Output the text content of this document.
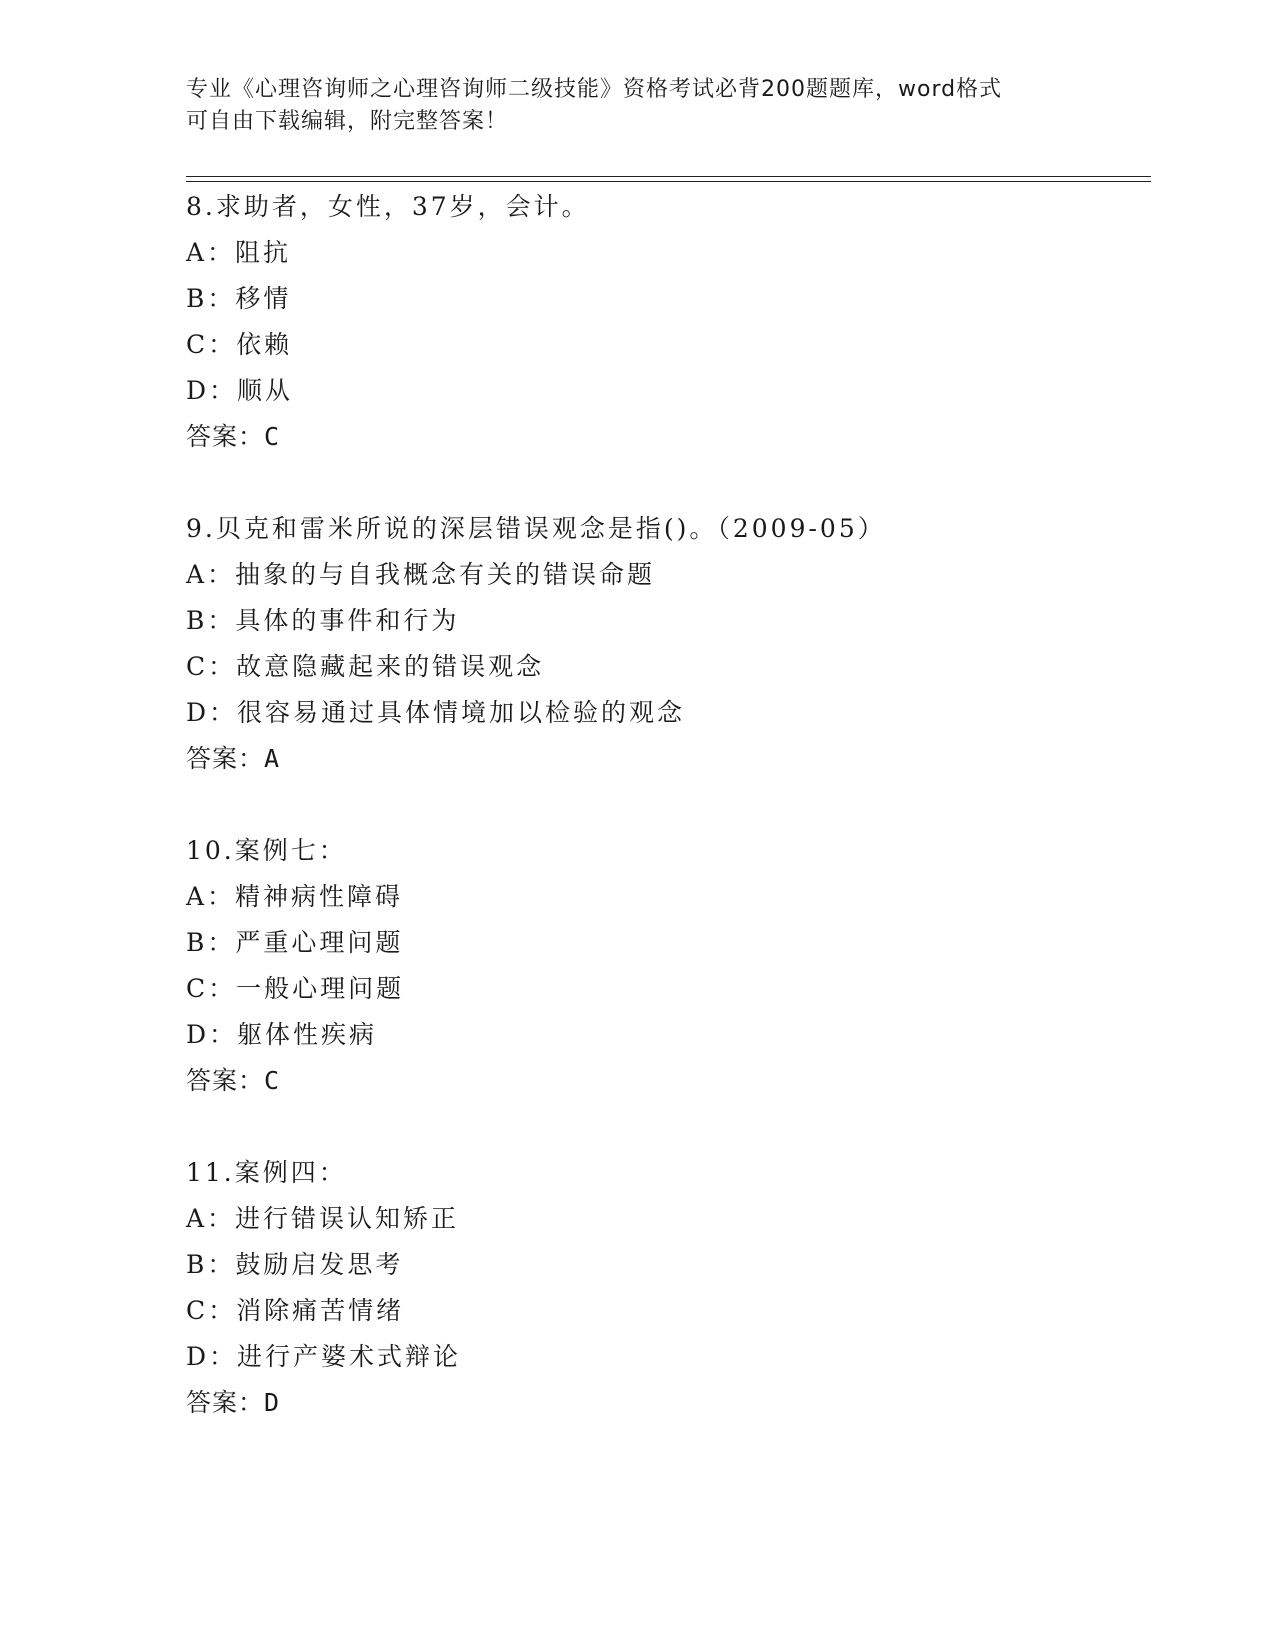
专业《心理咨询师之心理咨询师二级技能》资格考试必背200题题库，word格式
可自由下载编辑，附完整答案！
8.求助者，女性，37岁，会计。
A：阻抗
B：移情
C：依赖
D：顺从
答案：C
9.贝克和雷米所说的深层错误观念是指()。（2009-05）
A：抽象的与自我概念有关的错误命题
B：具体的事件和行为
C：故意隐藏起来的错误观念
D：很容易通过具体情境加以检验的观念
答案：A
10.案例七：
A：精神病性障碍
B：严重心理问题
C：一般心理问题
D：躯体性疾病
答案：C
11.案例四：
A：进行错误认知矫正
B：鼓励启发思考
C：消除痛苦情绪
D：进行产婆术式辩论
答案：D
